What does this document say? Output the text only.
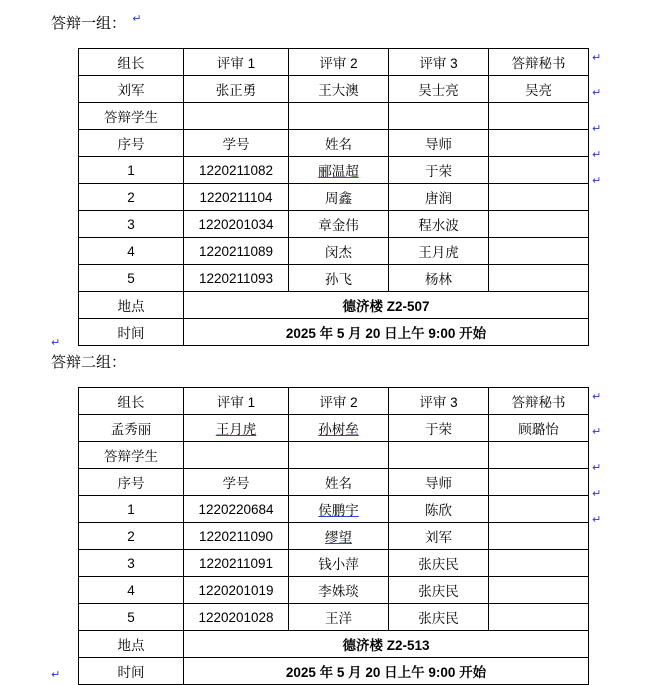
答辩一组： ↵
组长	评审 1	评审 2	评审 3	答辩秘书
刘军	张正勇	王大澳	吴士亮	吴亮
答辩学生				
序号	学号	姓名	导师	
1	1220211082	郦温超	于荣	
2	1220211104	周鑫	唐润	
3	1220201034	章金伟	程水波	
4	1220211089	闵杰	王月虎	
5	1220211093	孙飞	杨林	
地点	德济楼 Z2-507			
时间	2025 年 5 月 20 日上午 9:00 开始			
↵
↵
↵
↵
↵
↵
答辩二组：
组长	评审 1	评审 2	评审 3	答辩秘书
孟秀丽	王月虎	孙树垒	于荣	顾璐怡
答辩学生				
序号	学号	姓名	导师	
1	1220220684	侯鹏宇	陈欣	
2	1220211090	缪望	刘军	
3	1220211091	钱小萍	张庆民	
4	1220201019	李姝琰	张庆民	
5	1220201028	王洋	张庆民	
地点	德济楼 Z2-513			
时间	2025 年 5 月 20 日上午 9:00 开始			
↵
↵
↵
↵
↵
↵
